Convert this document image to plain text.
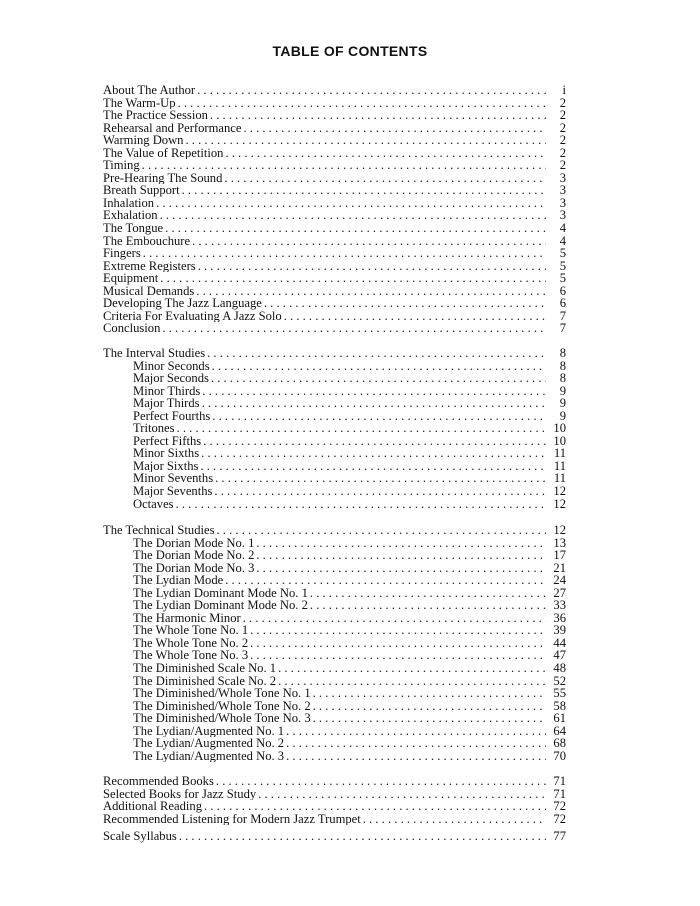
TABLE OF CONTENTS
About The Author . . .	i
The Warm-Up . . .	2
The Practice Session . . .	2
Rehearsal and Performance . . .	2
Warming Down . . .	2
The Value of Repetition . . .	2
Timing . . .	2
Pre-Hearing The Sound . . .	3
Breath Support . . .	3
Inhalation . . .	3
Exhalation . . .	3
The Tongue . . .	4
The Embouchure . . .	4
Fingers . . .	5
Extreme Registers . . .	5
Equipment . . .	5
Musical Demands . . .	6
Developing The Jazz Language . . .	6
Criteria For Evaluating A Jazz Solo . . .	7
Conclusion . . .	7
The Interval Studies . . .	8
Minor Seconds . . .	8
Major Seconds . . .	8
Minor Thirds . . .	9
Major Thirds . . .	9
Perfect Fourths . . .	9
Tritones . . .	10
Perfect Fifths . . .	10
Minor Sixths . . .	11
Major Sixths . . .	11
Minor Sevenths . . .	11
Major Sevenths . . .	12
Octaves . . .	12
The Technical Studies . . .	12
The Dorian Mode No. 1 . . .	13
The Dorian Mode No. 2 . . .	17
The Dorian Mode No. 3 . . .	21
The Lydian Mode . . .	24
The Lydian Dominant Mode No. 1 . . .	27
The Lydian Dominant Mode No. 2 . . .	33
The Harmonic Minor . . .	36
The Whole Tone No. 1 . . .	39
The Whole Tone No. 2 . . .	44
The Whole Tone No. 3 . . .	47
The Diminished Scale No. 1 . . .	48
The Diminished Scale No. 2 . . .	52
The Diminished/Whole Tone No. 1 . . .	55
The Diminished/Whole Tone No. 2 . . .	58
The Diminished/Whole Tone No. 3 . . .	61
The Lydian/Augmented No. 1 . . .	64
The Lydian/Augmented No. 2 . . .	68
The Lydian/Augmented No. 3 . . .	70
Recommended Books . . .	71
Selected Books for Jazz Study . . .	71
Additional Reading . . .	72
Recommended Listening for Modern Jazz Trumpet . . .	72
Scale Syllabus . . .	77
